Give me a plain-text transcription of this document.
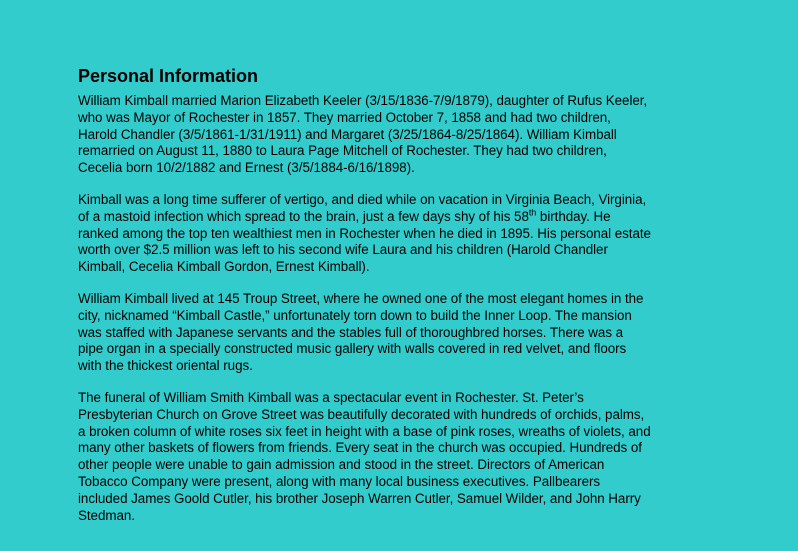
Personal Information

William Kimball married Marion Elizabeth Keeler (3/15/1836-7/9/1879), daughter of Rufus Keeler,
who was Mayor of Rochester in 1857. They married October 7, 1858 and had two children,
Harold Chandler (3/5/1861-1/31/1911) and Margaret (3/25/1864-8/25/1864). William Kimball
remarried on August 11, 1880 to Laura Page Mitchell of Rochester. They had two children,
Cecelia born 10/2/1882 and Ernest (3/5/1884-6/16/1898).

Kimball was a long time sufferer of vertigo, and died while on vacation in Virginia Beach, Virginia,
of a mastoid infection which spread to the brain, just a few days shy of his 58th birthday. He
ranked among the top ten wealthiest men in Rochester when he died in 1895. His personal estate
worth over $2.5 million was left to his second wife Laura and his children (Harold Chandler
Kimball, Cecelia Kimball Gordon, Ernest Kimball).

William Kimball lived at 145 Troup Street, where he owned one of the most elegant homes in the
city, nicknamed “Kimball Castle,” unfortunately torn down to build the Inner Loop. The mansion
was staffed with Japanese servants and the stables full of thoroughbred horses. There was a
pipe organ in a specially constructed music gallery with walls covered in red velvet, and floors
with the thickest oriental rugs.

The funeral of William Smith Kimball was a spectacular event in Rochester. St. Peter’s
Presbyterian Church on Grove Street was beautifully decorated with hundreds of orchids, palms,
a broken column of white roses six feet in height with a base of pink roses, wreaths of violets, and
many other baskets of flowers from friends. Every seat in the church was occupied. Hundreds of
other people were unable to gain admission and stood in the street. Directors of American
Tobacco Company were present, along with many local business executives. Pallbearers
included James Goold Cutler, his brother Joseph Warren Cutler, Samuel Wilder, and John Harry
Stedman.
